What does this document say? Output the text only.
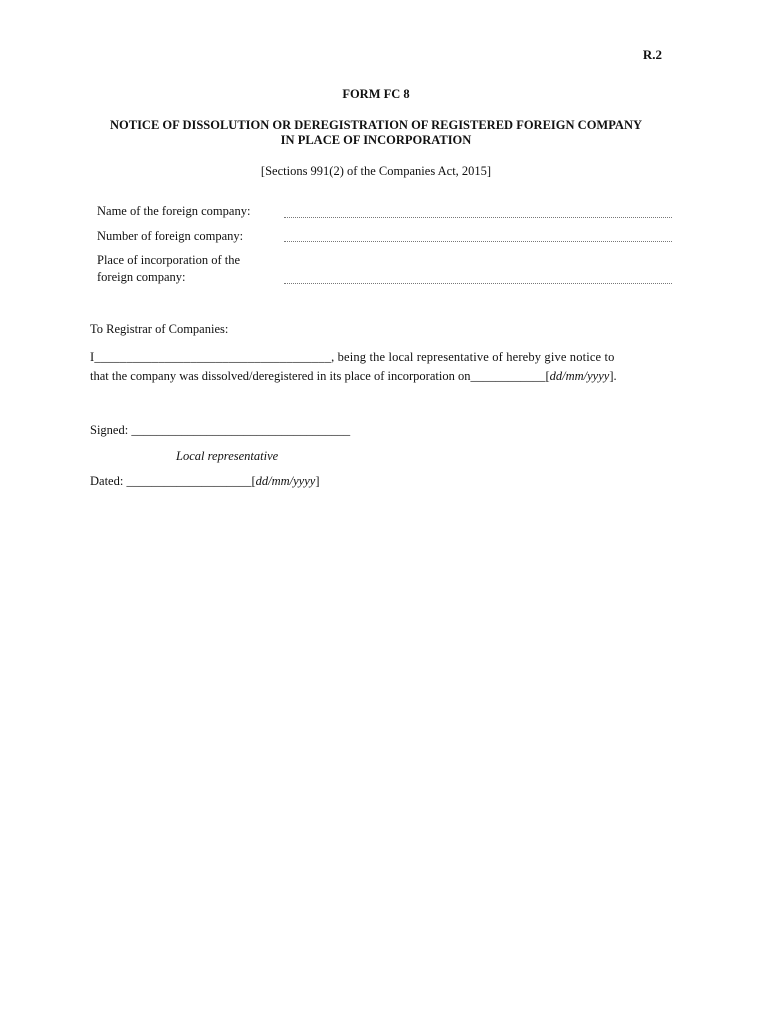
R.2
FORM FC 8
NOTICE OF DISSOLUTION OR DEREGISTRATION OF REGISTERED FOREIGN COMPANY
IN PLACE OF INCORPORATION
[Sections 991(2) of the Companies Act, 2015]
Name of the foreign company:
Number of foreign company:
Place of incorporation of the
foreign company:
To Registrar of Companies:
I_____________________________________, being the local representative of hereby give notice to
that the company was dissolved/deregistered in its place of incorporation on____________[dd/mm/yyyy].
Signed: ___________________________________
Local representative
Dated: ____________________[dd/mm/yyyy]
